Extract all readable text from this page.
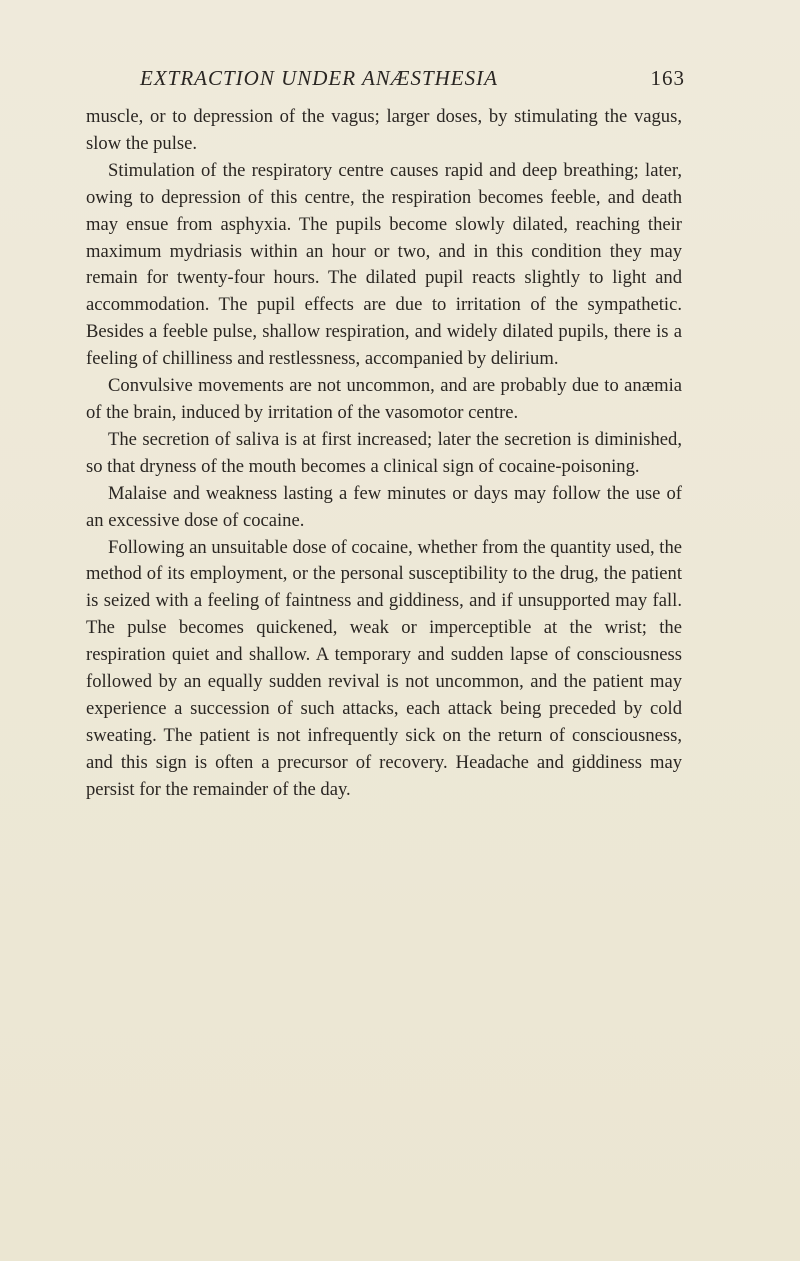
EXTRACTION UNDER ANÆSTHESIA	163

muscle, or to depression of the vagus; larger doses, by stimulating the vagus, slow the pulse.

Stimulation of the respiratory centre causes rapid and deep breathing; later, owing to depression of this centre, the respiration becomes feeble, and death may ensue from asphyxia. The pupils become slowly dilated, reaching their maximum mydriasis within an hour or two, and in this condition they may remain for twenty-four hours. The dilated pupil reacts slightly to light and accommodation. The pupil effects are due to irritation of the sympathetic. Besides a feeble pulse, shallow respiration, and widely dilated pupils, there is a feeling of chilliness and restlessness, accompanied by delirium.

Convulsive movements are not uncommon, and are probably due to anæmia of the brain, induced by irritation of the vasomotor centre.

The secretion of saliva is at first increased; later the secretion is diminished, so that dryness of the mouth becomes a clinical sign of cocaine-poisoning.

Malaise and weakness lasting a few minutes or days may follow the use of an excessive dose of cocaine.

Following an unsuitable dose of cocaine, whether from the quantity used, the method of its employment, or the personal susceptibility to the drug, the patient is seized with a feeling of faintness and giddiness, and if unsupported may fall. The pulse becomes quickened, weak or imperceptible at the wrist; the respiration quiet and shallow. A temporary and sudden lapse of consciousness followed by an equally sudden revival is not uncommon, and the patient may experience a succession of such attacks, each attack being preceded by cold sweating. The patient is not infrequently sick on the return of consciousness, and this sign is often a precursor of recovery. Headache and giddiness may persist for the remainder of the day.
